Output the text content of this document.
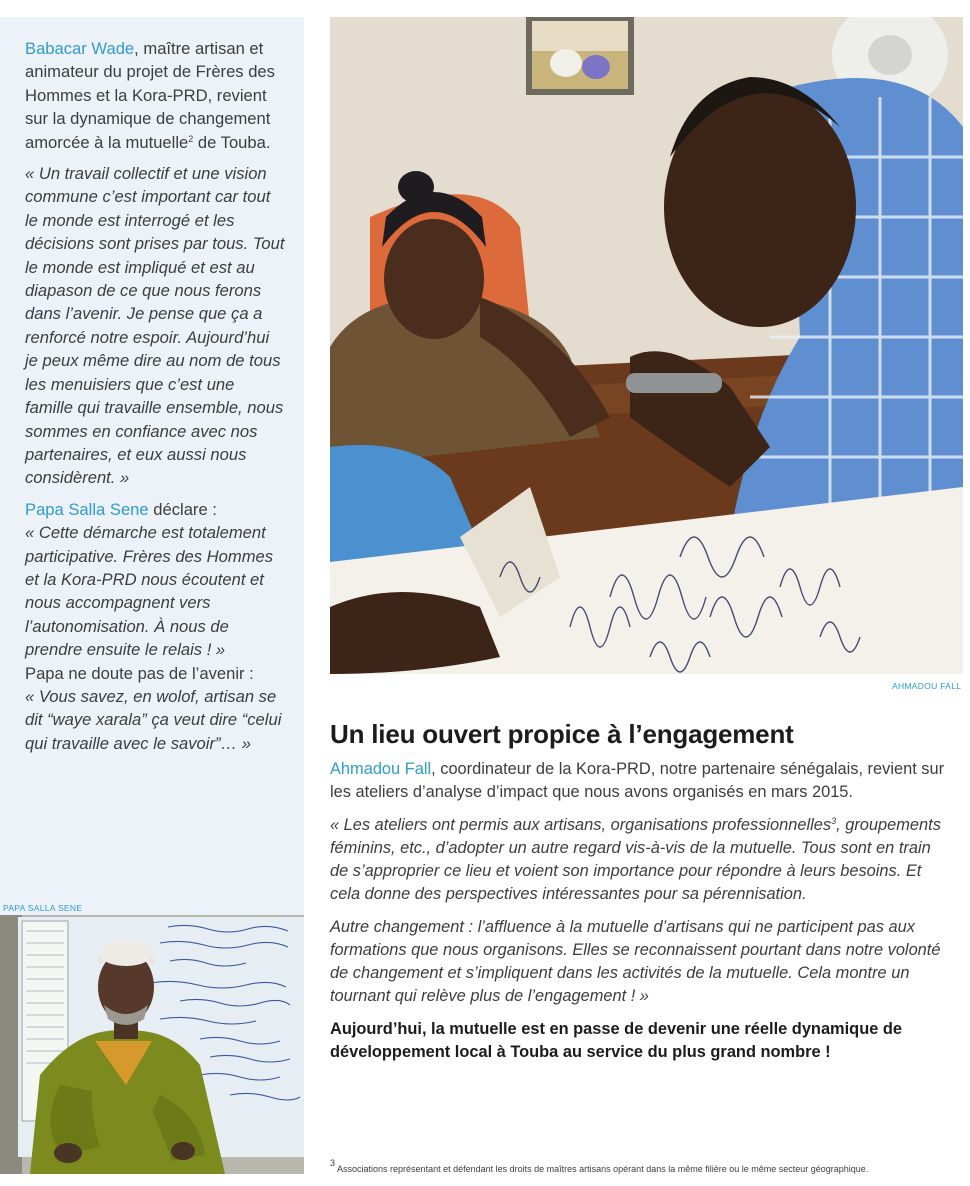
Babacar Wade, maître artisan et animateur du projet de Frères des Hommes et la Kora-PRD, revient sur la dynamique de changement amorcée à la mutuelle$^2$ de Touba.

« Un travail collectif et une vision commune c’est important car tout le monde est interrogé et les décisions sont prises par tous. Tout le monde est impliqué et est au diapason de ce que nous ferons dans l’avenir. Je pense que ça a renforcé notre espoir. Aujourd’hui je peux même dire au nom de tous les menuisiers que c’est une famille qui travaille ensemble, nous sommes en confiance avec nos partenaires, et eux aussi nous considèrent. »

Papa Salla Sene déclare :

« Cette démarche est totalement participative. Frères des Hommes et la Kora-PRD nous écoutent et nous accompagnent vers l’autonomisation. À nous de prendre ensuite le relais ! »

Papa ne doute pas de l’avenir :

« Vous savez, en wolof, artisan se dit “waye xarala” ça veut dire “celui qui travaille avec le savoir”… »

PAPA SALLA SENE
AHMADOU FALL
Un lieu ouvert propice à l’engagement

Ahmadou Fall, coordinateur de la Kora-PRD, notre partenaire sénégalais, revient sur les ateliers d’analyse d’impact que nous avons organisés en mars 2015.

« Les ateliers ont permis aux artisans, organisations professionnelles$^3$, groupements féminins, etc., d’adopter un autre regard vis-à-vis de la mutuelle. Tous sont en train de s’approprier ce lieu et voient son importance pour répondre à leurs besoins. Et cela donne des perspectives intéressantes pour sa pérennisation.

Autre changement : l’affluence à la mutuelle d’artisans qui ne participent pas aux formations que nous organisons. Elles se reconnaissent pourtant dans notre volonté de changement et s’impliquent dans les activités de la mutuelle. Cela montre un tournant qui relève plus de l’engagement ! »

Aujourd’hui, la mutuelle est en passe de devenir une réelle dynamique de développement local à Touba au service du plus grand nombre !

$^3$ Associations représentant et défendant les droits de maîtres artisans opérant dans la même filière ou le même secteur géographique.
